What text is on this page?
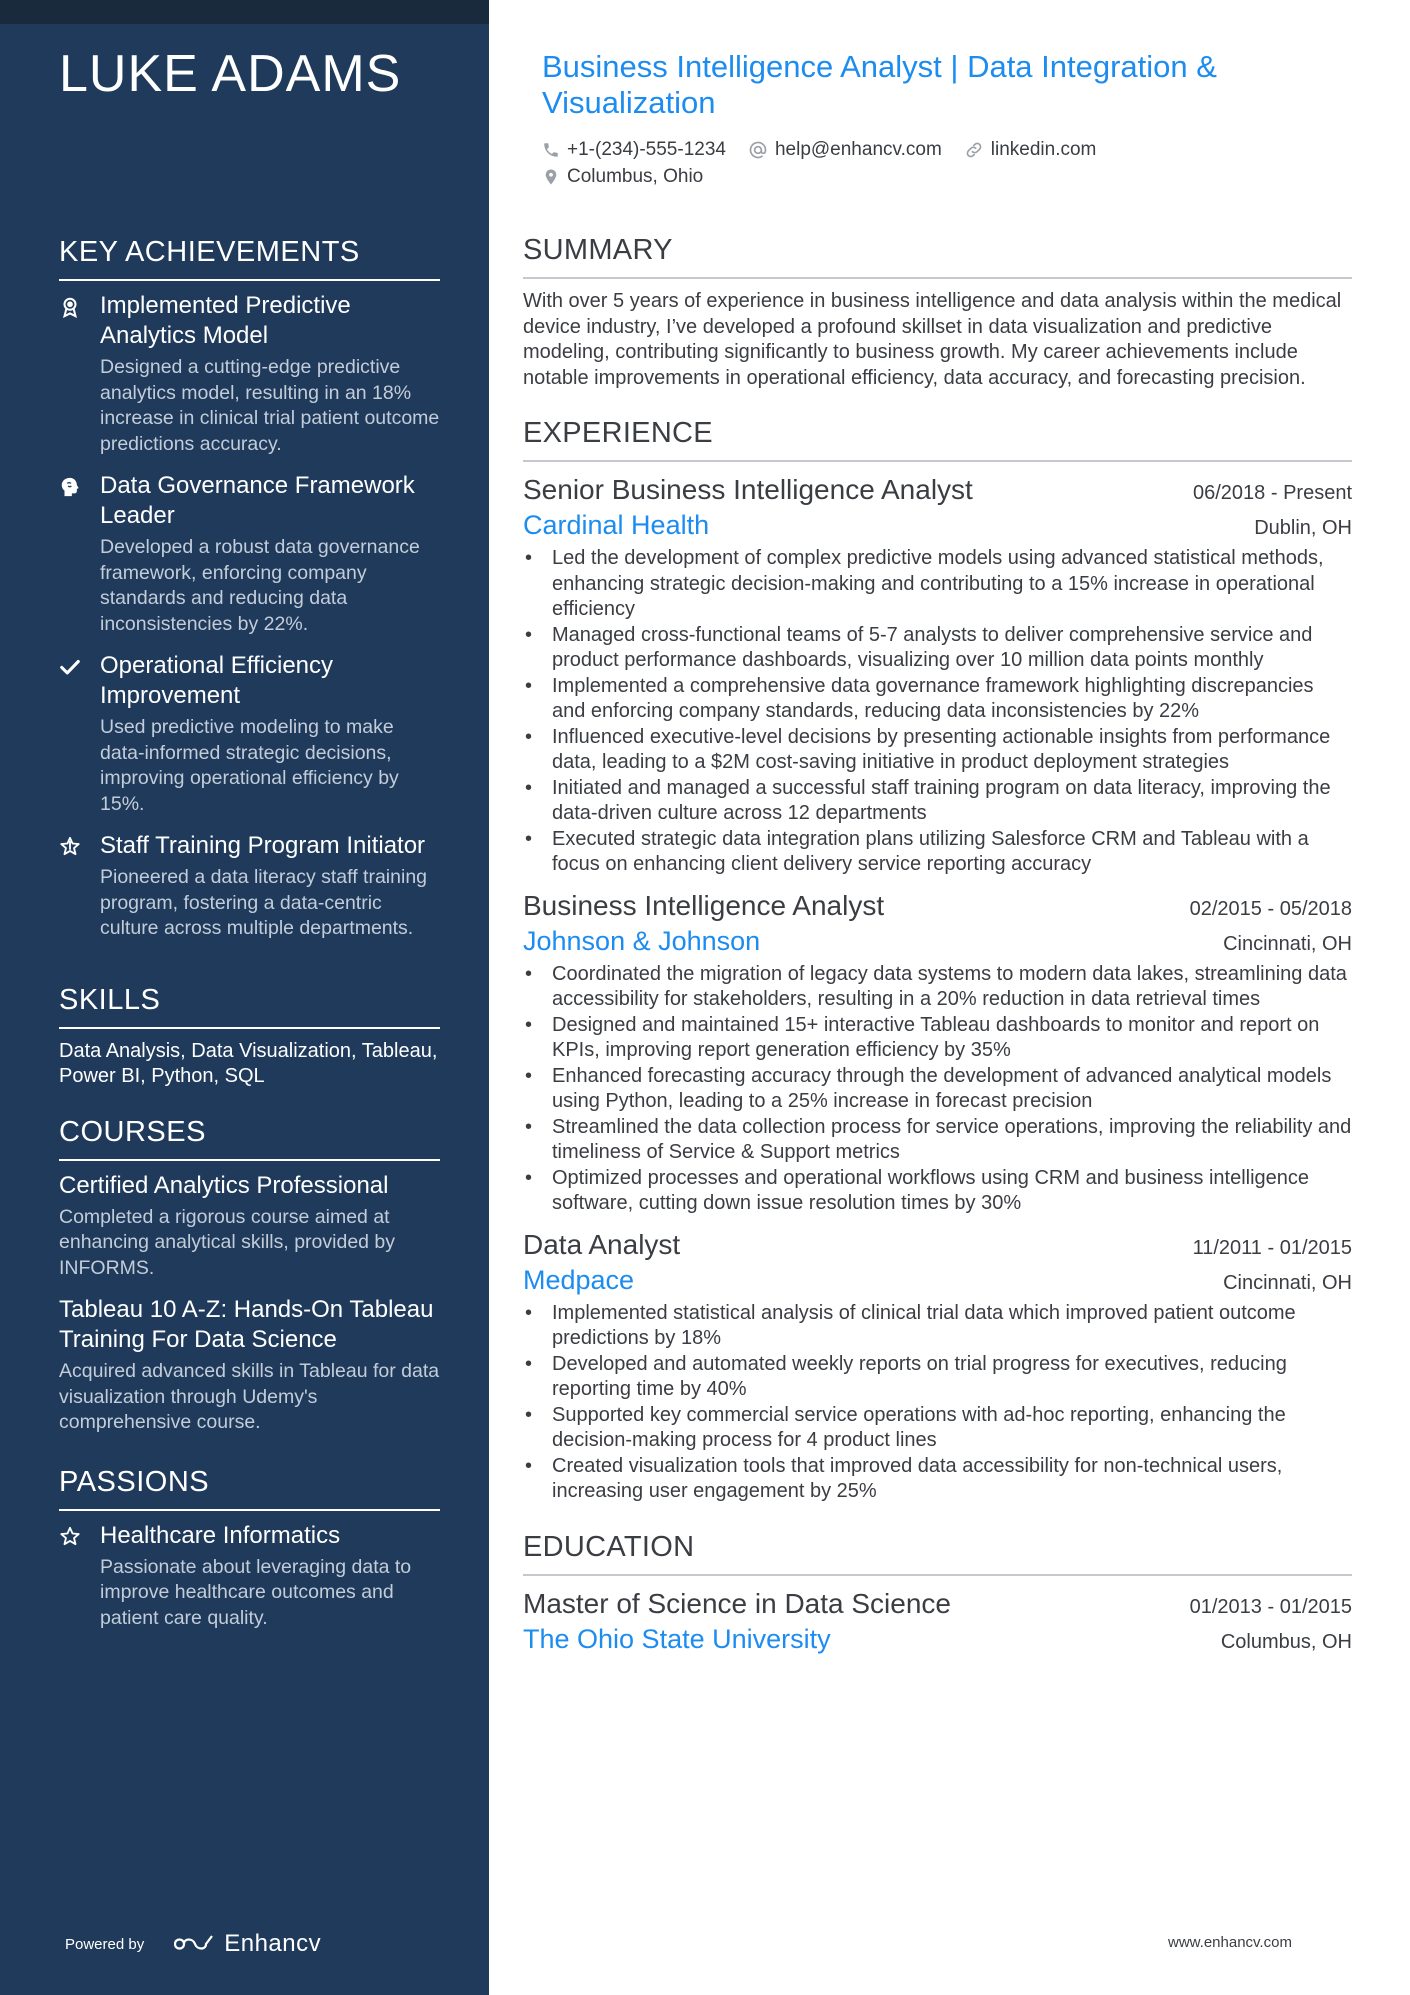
LUKE ADAMS
KEY ACHIEVEMENTS
Implemented Predictive Analytics Model
Designed a cutting-edge predictive analytics model, resulting in an 18% increase in clinical trial patient outcome predictions accuracy.
Data Governance Framework Leader
Developed a robust data governance framework, enforcing company standards and reducing data inconsistencies by 22%.
Operational Efficiency Improvement
Used predictive modeling to make data-informed strategic decisions, improving operational efficiency by 15%.
Staff Training Program Initiator
Pioneered a data literacy staff training program, fostering a data-centric culture across multiple departments.
SKILLS
Data Analysis, Data Visualization, Tableau, Power BI, Python, SQL
COURSES
Certified Analytics Professional
Completed a rigorous course aimed at enhancing analytical skills, provided by INFORMS.
Tableau 10 A-Z: Hands-On Tableau Training For Data Science
Acquired advanced skills in Tableau for data visualization through Udemy's comprehensive course.
PASSIONS
Healthcare Informatics
Passionate about leveraging data to improve healthcare outcomes and patient care quality.
Powered by	Enhancv
Business Intelligence Analyst | Data Integration & Visualization
+1-(234)-555-1234	help@enhancv.com	linkedin.com
Columbus, Ohio
SUMMARY
With over 5 years of experience in business intelligence and data analysis within the medical device industry, I’ve developed a profound skillset in data visualization and predictive modeling, contributing significantly to business growth. My career achievements include notable improvements in operational efficiency, data accuracy, and forecasting precision.
EXPERIENCE
Senior Business Intelligence Analyst	06/2018 - Present
Cardinal Health	Dublin, OH
• Led the development of complex predictive models using advanced statistical methods, enhancing strategic decision-making and contributing to a 15% increase in operational efficiency
• Managed cross-functional teams of 5-7 analysts to deliver comprehensive service and product performance dashboards, visualizing over 10 million data points monthly
• Implemented a comprehensive data governance framework highlighting discrepancies and enforcing company standards, reducing data inconsistencies by 22%
• Influenced executive-level decisions by presenting actionable insights from performance data, leading to a $2M cost-saving initiative in product deployment strategies
• Initiated and managed a successful staff training program on data literacy, improving the data-driven culture across 12 departments
• Executed strategic data integration plans utilizing Salesforce CRM and Tableau with a focus on enhancing client delivery service reporting accuracy
Business Intelligence Analyst	02/2015 - 05/2018
Johnson & Johnson	Cincinnati, OH
• Coordinated the migration of legacy data systems to modern data lakes, streamlining data accessibility for stakeholders, resulting in a 20% reduction in data retrieval times
• Designed and maintained 15+ interactive Tableau dashboards to monitor and report on KPIs, improving report generation efficiency by 35%
• Enhanced forecasting accuracy through the development of advanced analytical models using Python, leading to a 25% increase in forecast precision
• Streamlined the data collection process for service operations, improving the reliability and timeliness of Service & Support metrics
• Optimized processes and operational workflows using CRM and business intelligence software, cutting down issue resolution times by 30%
Data Analyst	11/2011 - 01/2015
Medpace	Cincinnati, OH
• Implemented statistical analysis of clinical trial data which improved patient outcome predictions by 18%
• Developed and automated weekly reports on trial progress for executives, reducing reporting time by 40%
• Supported key commercial service operations with ad-hoc reporting, enhancing the decision-making process for 4 product lines
• Created visualization tools that improved data accessibility for non-technical users, increasing user engagement by 25%
EDUCATION
Master of Science in Data Science	01/2013 - 01/2015
The Ohio State University	Columbus, OH
www.enhancv.com
